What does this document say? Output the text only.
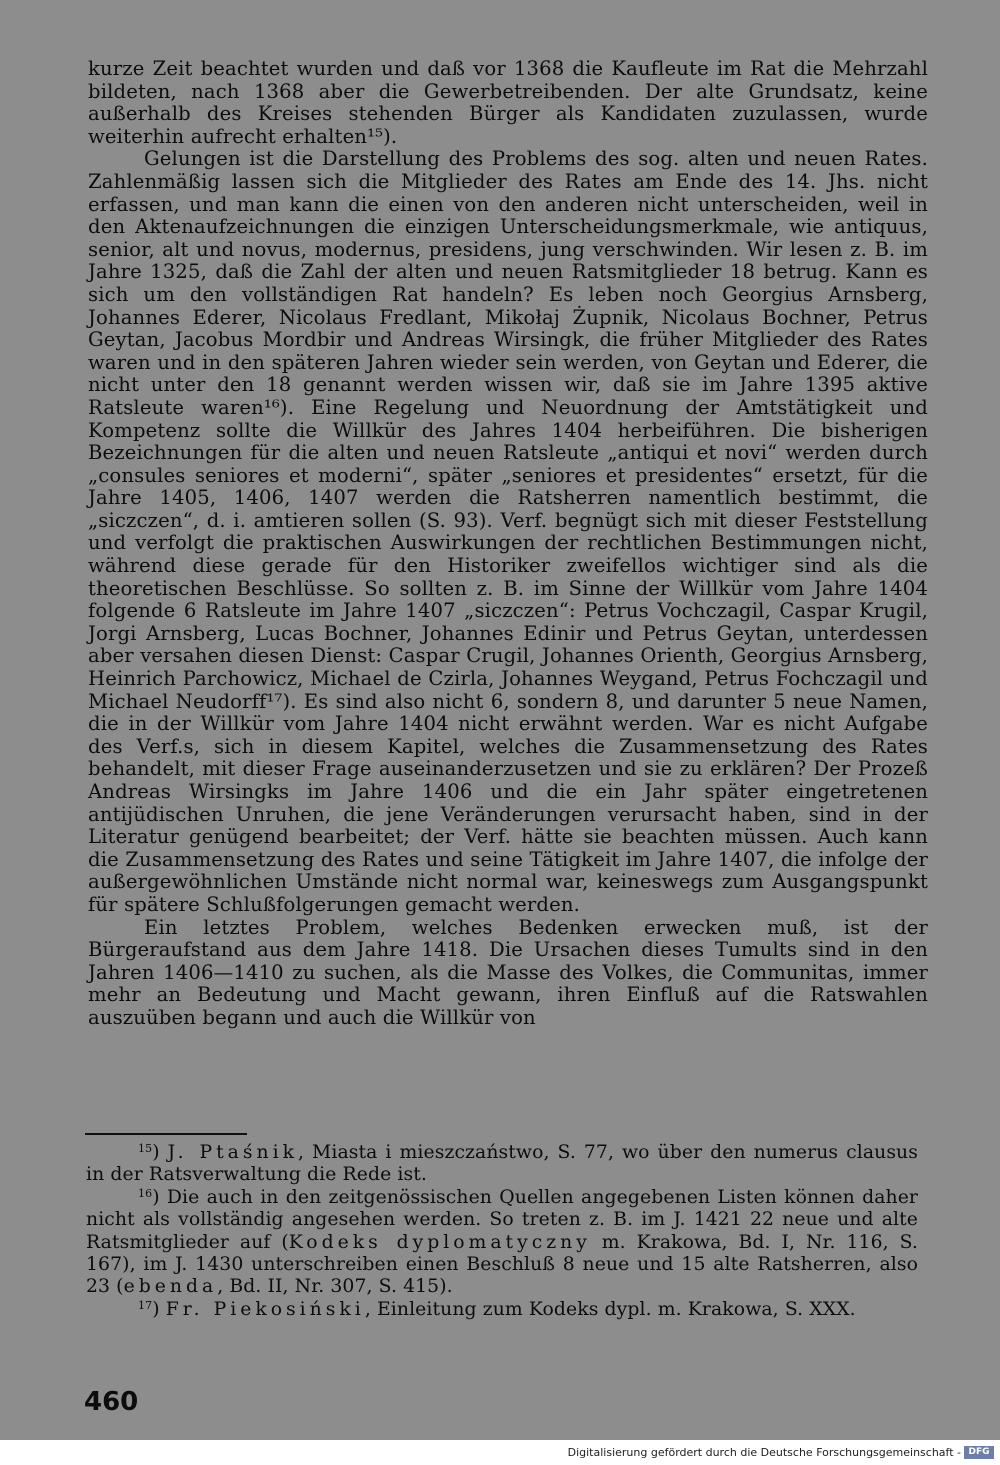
kurze Zeit beachtet wurden und daß vor 1368 die Kaufleute im Rat die Mehrzahl bildeten, nach 1368 aber die Gewerbetreibenden. Der alte Grundsatz, keine außerhalb des Kreises stehenden Bürger als Kandidaten zuzulassen, wurde weiterhin aufrecht erhalten¹⁵).

Gelungen ist die Darstellung des Problems des sog. alten und neuen Rates. Zahlenmäßig lassen sich die Mitglieder des Rates am Ende des 14. Jhs. nicht erfassen, und man kann die einen von den anderen nicht unterscheiden, weil in den Aktenaufzeichnungen die einzigen Unterscheidungsmerkmale, wie antiquus, senior, alt und novus, modernus, presidens, jung verschwinden. Wir lesen z. B. im Jahre 1325, daß die Zahl der alten und neuen Ratsmitglieder 18 betrug. Kann es sich um den vollständigen Rat handeln? Es leben noch Georgius Arnsberg, Johannes Ederer, Nicolaus Fredlant, Mikołaj Żupnik, Nicolaus Bochner, Petrus Geytan, Jacobus Mordbir und Andreas Wirsingk, die früher Mitglieder des Rates waren und in den späteren Jahren wieder sein werden, von Geytan und Ederer, die nicht unter den 18 genannt werden wissen wir, daß sie im Jahre 1395 aktive Ratsleute waren¹⁶). Eine Regelung und Neuordnung der Amtstätigkeit und Kompetenz sollte die Willkür des Jahres 1404 herbeiführen. Die bisherigen Bezeichnungen für die alten und neuen Ratsleute „antiqui et novi“ werden durch „consules seniores et moderni“, später „seniores et presidentes“ ersetzt, für die Jahre 1405, 1406, 1407 werden die Ratsherren namentlich bestimmt, die „siczczen“, d. i. amtieren sollen (S. 93). Verf. begnügt sich mit dieser Feststellung und verfolgt die praktischen Auswirkungen der rechtlichen Bestimmungen nicht, während diese gerade für den Historiker zweifellos wichtiger sind als die theoretischen Beschlüsse. So sollten z. B. im Sinne der Willkür vom Jahre 1404 folgende 6 Ratsleute im Jahre 1407 „siczczen“: Petrus Vochczagil, Caspar Krugil, Jorgi Arnsberg, Lucas Bochner, Johannes Edinir und Petrus Geytan, unterdessen aber versahen diesen Dienst: Caspar Crugil, Johannes Orienth, Georgius Arnsberg, Heinrich Parchowicz, Michael de Czirla, Johannes Weygand, Petrus Fochczagil und Michael Neudorff¹⁷). Es sind also nicht 6, sondern 8, und darunter 5 neue Namen, die in der Willkür vom Jahre 1404 nicht erwähnt werden. War es nicht Aufgabe des Verf.s, sich in diesem Kapitel, welches die Zusammensetzung des Rates behandelt, mit dieser Frage auseinanderzusetzen und sie zu erklären? Der Prozeß Andreas Wirsingks im Jahre 1406 und die ein Jahr später eingetretenen antijüdischen Unruhen, die jene Veränderungen verursacht haben, sind in der Literatur genügend bearbeitet; der Verf. hätte sie beachten müssen. Auch kann die Zusammensetzung des Rates und seine Tätigkeit im Jahre 1407, die infolge der außergewöhnlichen Umstände nicht normal war, keineswegs zum Ausgangspunkt für spätere Schlußfolgerungen gemacht werden.

Ein letztes Problem, welches Bedenken erwecken muß, ist der Bürgeraufstand aus dem Jahre 1418. Die Ursachen dieses Tumults sind in den Jahren 1406—1410 zu suchen, als die Masse des Volkes, die Communitas, immer mehr an Bedeutung und Macht gewann, ihren Einfluß auf die Ratswahlen auszuüben begann und auch die Willkür von

$^{15}$) J. Ptaśnik, Miasta i mieszczaństwo, S. 77, wo über den numerus clausus in der Ratsverwaltung die Rede ist.

$^{16}$) Die auch in den zeitgenössischen Quellen angegebenen Listen können daher nicht als vollständig angesehen werden. So treten z. B. im J. 1421 22 neue und alte Ratsmitglieder auf (Kodeks dyplomatyczny m. Krakowa, Bd. I, Nr. 116, S. 167), im J. 1430 unterschreiben einen Beschluß 8 neue und 15 alte Ratsherren, also 23 (ebenda, Bd. II, Nr. 307, S. 415).

$^{17}$) Fr. Piekosiński, Einleitung zum Kodeks dypl. m. Krakowa, S. XXX.

460
Digitalisierung gefördert durch die Deutsche Forschungsgemeinschaft - DFG
